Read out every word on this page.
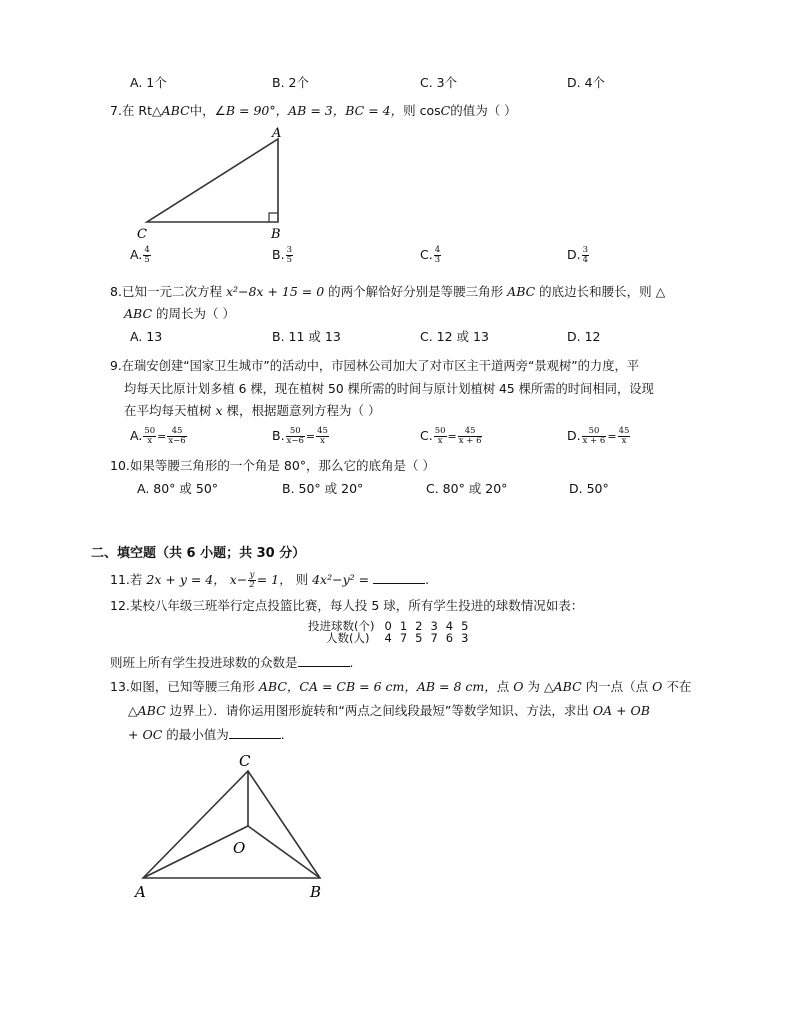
A. 1个	B. 2个	C. 3个	D. 4个
7.在 Rt△ABC中，∠B = 90°，AB = 3，BC = 4，则 cosC的值为（ ）
A
B
C
A. $\frac{4}{5}$	B. $\frac{3}{5}$	C. $\frac{4}{3}$	D. $\frac{3}{4}$
8.已知一元二次方程 x²−8x + 15 = 0 的两个解恰好分别是等腰三角形 ABC 的底边长和腰长，则 △
ABC 的周长为（ ）
A. 13	B. 11 或 13	C. 12 或 13	D. 12
9.在瑞安创建“国家卫生城市”的活动中，市园林公司加大了对市区主干道两旁“景观树”的力度，平
均每天比原计划多植 6 棵，现在植树 50 棵所需的时间与原计划植树 45 棵所需的时间相同，设现
在平均每天植树 x 棵，根据题意列方程为（ ）
A. $\frac{50}{x} = \frac{45}{x-6}$	B. $\frac{50}{x-6} = \frac{45}{x}$	C. $\frac{50}{x} = \frac{45}{x + 6}$	D. $\frac{50}{x + 6} = \frac{45}{x}$
10.如果等腰三角形的一个角是 80°，那么它的底角是（ ）
A. 80° 或 50°	B. 50° 或 20°	C. 80° 或 20°	D. 50°
二、填空题（共 6 小题；共 30 分）
11.若 2x + y = 4， $x- \frac{y}{2} = 1$， 则 4x²−y² =	.
12.某校八年级三班举行定点投篮比赛，每人投 5 球，所有学生投进的球数情况如表：
投进球数(个)	0	1	2	3	4	5
人数(人)	4	7	5	7	6	3
则班上所有学生投进球数的众数是	.
13.如图，已知等腰三角形 ABC，CA = CB = 6 cm，AB = 8 cm，点 O 为 △ABC 内一点（点 O 不在
△ABC 边界上）．请你运用图形旋转和“两点之间线段最短”等数学知识、方法，求出 OA + OB
+ OC 的最小值为	.
C
O
A	B
